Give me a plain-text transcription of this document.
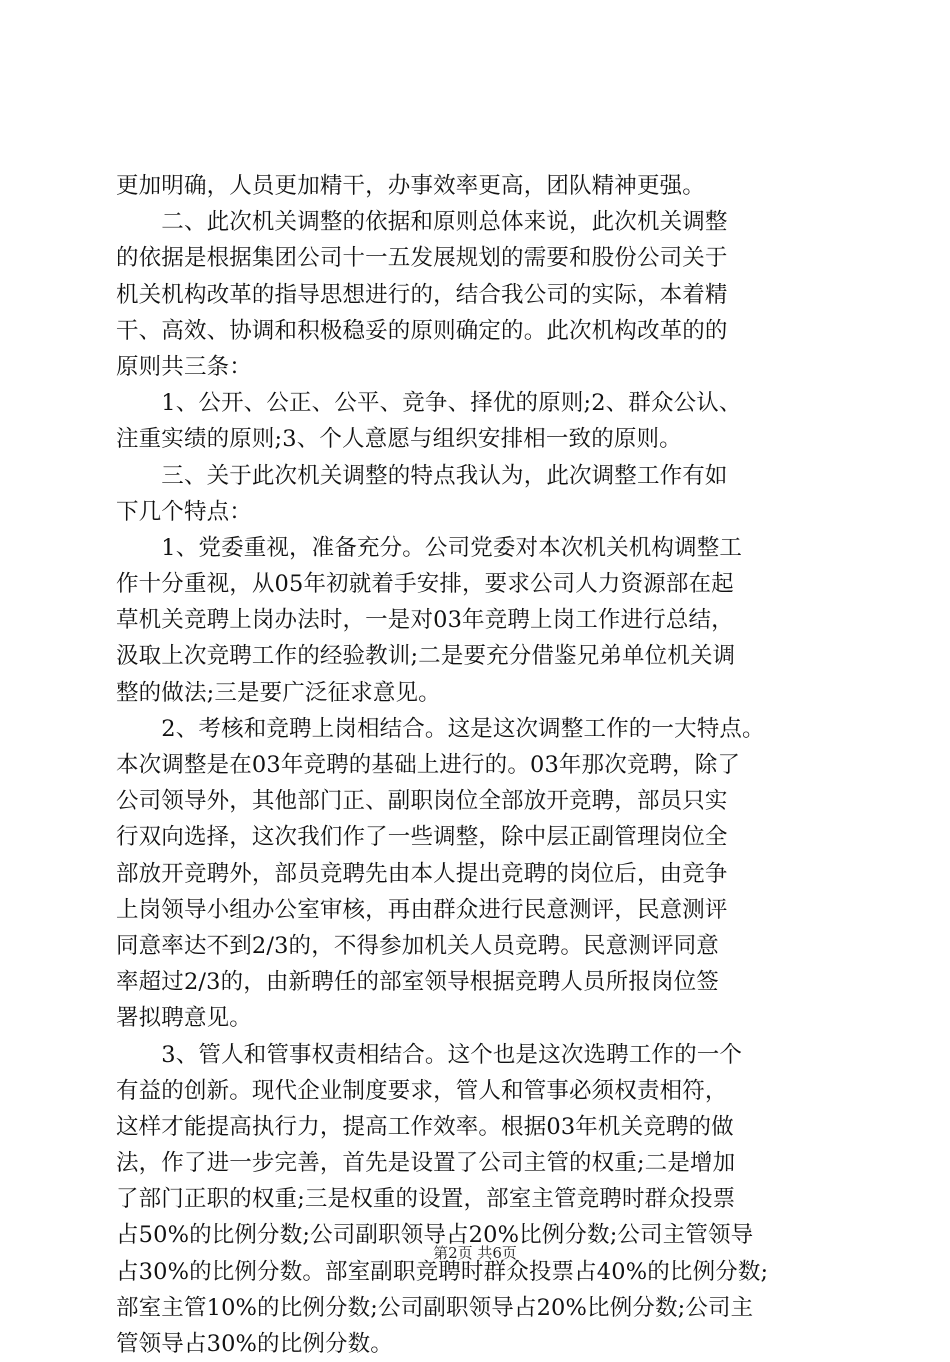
更加明确，人员更加精干，办事效率更高，团队精神更强。
　　二、此次机关调整的依据和原则总体来说，此次机关调整
的依据是根据集团公司十一五发展规划的需要和股份公司关于
机关机构改革的指导思想进行的，结合我公司的实际，本着精
干、高效、协调和积极稳妥的原则确定的。此次机构改革的的
原则共三条：
　　1、公开、公正、公平、竞争、择优的原则;2、群众公认、
注重实绩的原则;3、个人意愿与组织安排相一致的原则。
　　三、关于此次机关调整的特点我认为，此次调整工作有如
下几个特点：
　　1、党委重视，准备充分。公司党委对本次机关机构调整工
作十分重视，从05年初就着手安排，要求公司人力资源部在起
草机关竞聘上岗办法时，一是对03年竞聘上岗工作进行总结，
汲取上次竞聘工作的经验教训;二是要充分借鉴兄弟单位机关调
整的做法;三是要广泛征求意见。
　　2、考核和竞聘上岗相结合。这是这次调整工作的一大特点。
本次调整是在03年竞聘的基础上进行的。03年那次竞聘，除了
公司领导外，其他部门正、副职岗位全部放开竞聘，部员只实
行双向选择，这次我们作了一些调整，除中层正副管理岗位全
部放开竞聘外，部员竞聘先由本人提出竞聘的岗位后，由竞争
上岗领导小组办公室审核，再由群众进行民意测评，民意测评
同意率达不到2/3的，不得参加机关人员竞聘。民意测评同意
率超过2/3的，由新聘任的部室领导根据竞聘人员所报岗位签
署拟聘意见。
　　3、管人和管事权责相结合。这个也是这次选聘工作的一个
有益的创新。现代企业制度要求，管人和管事必须权责相符，
这样才能提高执行力，提高工作效率。根据03年机关竞聘的做
法，作了进一步完善，首先是设置了公司主管的权重;二是增加
了部门正职的权重;三是权重的设置，部室主管竞聘时群众投票
占50%的比例分数;公司副职领导占20%比例分数;公司主管领导
占30%的比例分数。部室副职竞聘时群众投票占40%的比例分数;
部室主管10%的比例分数;公司副职领导占20%比例分数;公司主
管领导占30%的比例分数。
第2页 共6页
